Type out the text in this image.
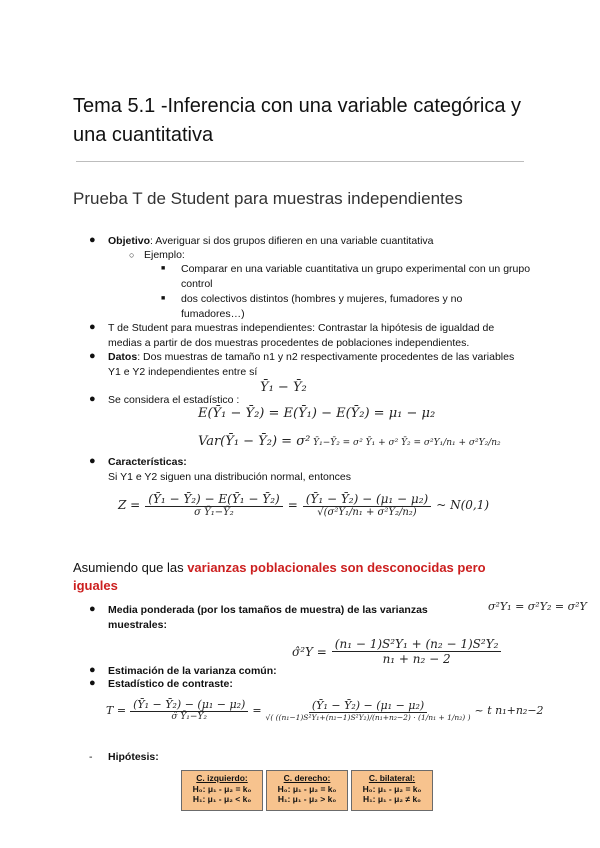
Tema 5.1 -Inferencia con una variable categórica y una cuantitativa
Prueba T de Student para muestras independientes
● Objetivo: Averiguar si dos grupos difieren en una variable cuantitativa
○ Ejemplo:
■ Comparar en una variable cuantitativa un grupo experimental con un grupo control
■ dos colectivos distintos (hombres y mujeres, fumadores y no fumadores…)
● T de Student para muestras independientes: Contrastar la hipótesis de igualdad de medias a partir de dos muestras procedentes de poblaciones independientes.
● Datos: Dos muestras de tamaño n1 y n2 respectivamente procedentes de las variables Y1 e Y2 independientes entre sí
● Se considera el estadístico :
Ȳ₁ − Ȳ₂
E(Ȳ₁ − Ȳ₂) = E(Ȳ₁) − E(Ȳ₂) = μ₁ − μ₂
Var(Ȳ₁ − Ȳ₂) = σ² Ȳ₁−Ȳ₂ = σ² Ȳ₁ + σ² Ȳ₂ = σ²Y₁/n₁ + σ²Y₂/n₂
● Características:
Si Y1 e Y2 siguen una distribución normal, entonces
$Z = \frac{\text{(Ȳ₁ − Ȳ₂) − E(Ȳ₁ − Ȳ₂)}}{\text{σ Ȳ₁−Ȳ₂}} = \frac{\text{(Ȳ₁ − Ȳ₂) − (μ₁ − μ₂)}}{\text{√(σ²Y₁/n₁ + σ²Y₂/n₂)}}$ ~ N(0,1)
Asumiendo que las varianzas poblacionales son desconocidas pero iguales
● Media ponderada (por los tamaños de muestra) de las varianzas muestrales:
σ²Y₁ = σ²Y₂ = σ²Y
σ̂²Y = $\frac{\text{(n₁ − 1)S²Y₁ + (n₂ − 1)S²Y₂}}{\text{n₁ + n₂ − 2}}$
● Estimación de la varianza común:
● Estadístico de contraste:
$T = \frac{\text{(Ȳ₁ − Ȳ₂) − (μ₁ − μ₂)}}{\text{σ̂ Ȳ₁−Ȳ₂}} = \frac{\text{(Ȳ₁ − Ȳ₂) − (μ₁ − μ₂)}}{\text{√( ((n₁−1)S²Y₁+(n₂−1)S²Y₂)/(n₁+n₂−2) · (1/n₁ + 1/n₂) )}}$ ~ t n₁+n₂−2
- Hipótesis:
C. izquierdo:
H₀: μ₁ - μ₂ = k₀
H₁: μ₁ - μ₂ < k₀
C. derecho:
H₀: μ₁ - μ₂ = k₀
H₁: μ₁ - μ₂ > k₀
C. bilateral:
H₀: μ₁ - μ₂ = k₀
H₁: μ₁ - μ₂ ≠ k₀
